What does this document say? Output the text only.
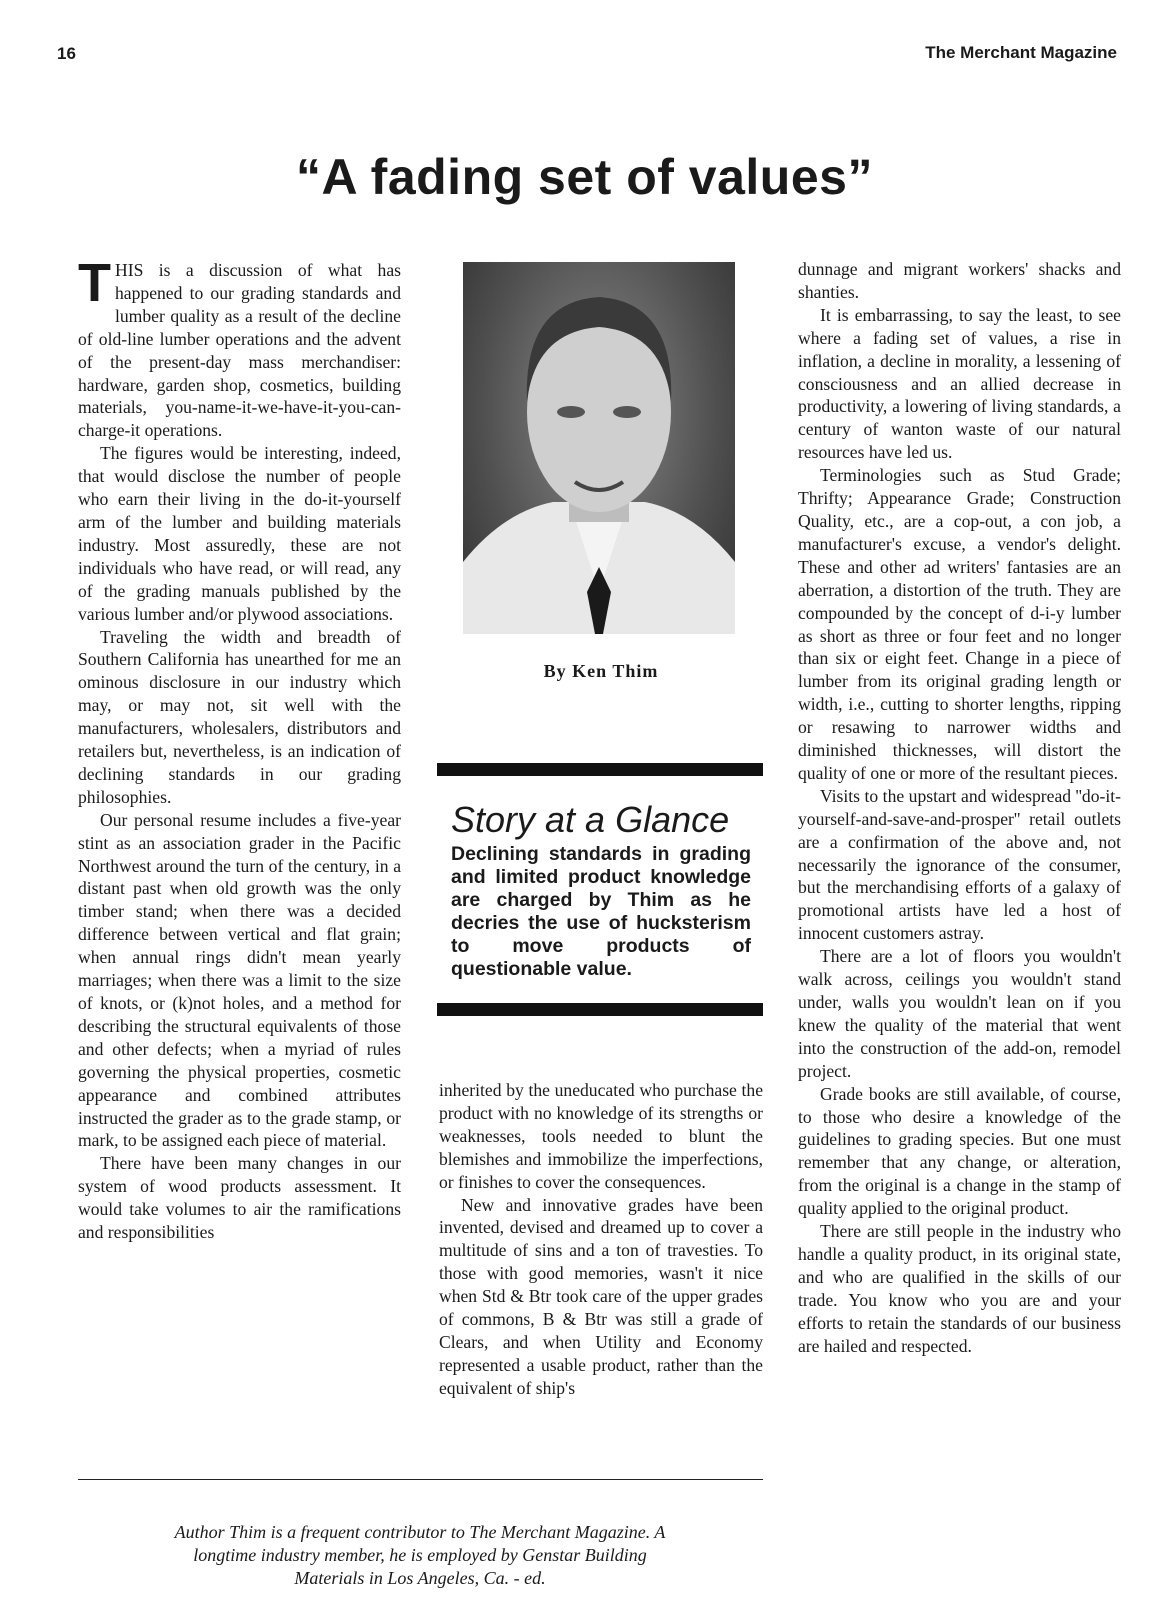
16	The Merchant Magazine
“A fading set of values”

THIS is a discussion of what has happened to our grading standards and lumber quality as a result of the decline of old-line lumber operations and the advent of the present-day mass merchandiser: hardware, garden shop, cosmetics, building materials, you-name-it-we-have-it-you-can-charge-it operations.

The figures would be interesting, indeed, that would disclose the number of people who earn their living in the do-it-yourself arm of the lumber and building materials industry. Most assuredly, these are not individuals who have read, or will read, any of the grading manuals published by the various lumber and/or plywood associations.

Traveling the width and breadth of Southern California has unearthed for me an ominous disclosure in our industry which may, or may not, sit well with the manufacturers, wholesalers, distributors and retailers but, nevertheless, is an indication of declining standards in our grading philosophies.

Our personal resume includes a five-year stint as an association grader in the Pacific Northwest around the turn of the century, in a distant past when old growth was the only timber stand; when there was a decided difference between vertical and flat grain; when annual rings didn't mean yearly marriages; when there was a limit to the size of knots, or (k)not holes, and a method for describing the structural equivalents of those and other defects; when a myriad of rules governing the physical properties, cosmetic appearance and combined attributes instructed the grader as to the grade stamp, or mark, to be assigned each piece of material.

There have been many changes in our system of wood products assessment. It would take volumes to air the ramifications and responsibilities

By Ken Thim
Story at a Glance
Declining standards in grading and limited product knowledge are charged by Thim as he decries the use of hucksterism to move products of questionable value.

inherited by the uneducated who purchase the product with no knowledge of its strengths or weaknesses, tools needed to blunt the blemishes and immobilize the imperfections, or finishes to cover the consequences.

New and innovative grades have been invented, devised and dreamed up to cover a multitude of sins and a ton of travesties. To those with good memories, wasn't it nice when Std & Btr took care of the upper grades of commons, B & Btr was still a grade of Clears, and when Utility and Economy represented a usable product, rather than the equivalent of ship's

dunnage and migrant workers' shacks and shanties.

It is embarrassing, to say the least, to see where a fading set of values, a rise in inflation, a decline in morality, a lessening of consciousness and an allied decrease in productivity, a lowering of living standards, a century of wanton waste of our natural resources have led us.

Terminologies such as Stud Grade; Thrifty; Appearance Grade; Construction Quality, etc., are a cop-out, a con job, a manufacturer's excuse, a vendor's delight. These and other ad writers' fantasies are an aberration, a distortion of the truth. They are compounded by the concept of d-i-y lumber as short as three or four feet and no longer than six or eight feet. Change in a piece of lumber from its original grading length or width, i.e., cutting to shorter lengths, ripping or resawing to narrower widths and diminished thicknesses, will distort the quality of one or more of the resultant pieces.

Visits to the upstart and widespread ''do-it-yourself-and-save-and-prosper'' retail outlets are a confirmation of the above and, not necessarily the ignorance of the consumer, but the merchandising efforts of a galaxy of promotional artists have led a host of innocent customers astray.

There are a lot of floors you wouldn't walk across, ceilings you wouldn't stand under, walls you wouldn't lean on if you knew the quality of the material that went into the construction of the add-on, remodel project.

Grade books are still available, of course, to those who desire a knowledge of the guidelines to grading species. But one must remember that any change, or alteration, from the original is a change in the stamp of quality applied to the original product.

There are still people in the industry who handle a quality product, in its original state, and who are qualified in the skills of our trade. You know who you are and your efforts to retain the standards of our business are hailed and respected.

Author Thim is a frequent contributor to The Merchant Magazine. A longtime industry member, he is employed by Genstar Building Materials in Los Angeles, Ca. - ed.
